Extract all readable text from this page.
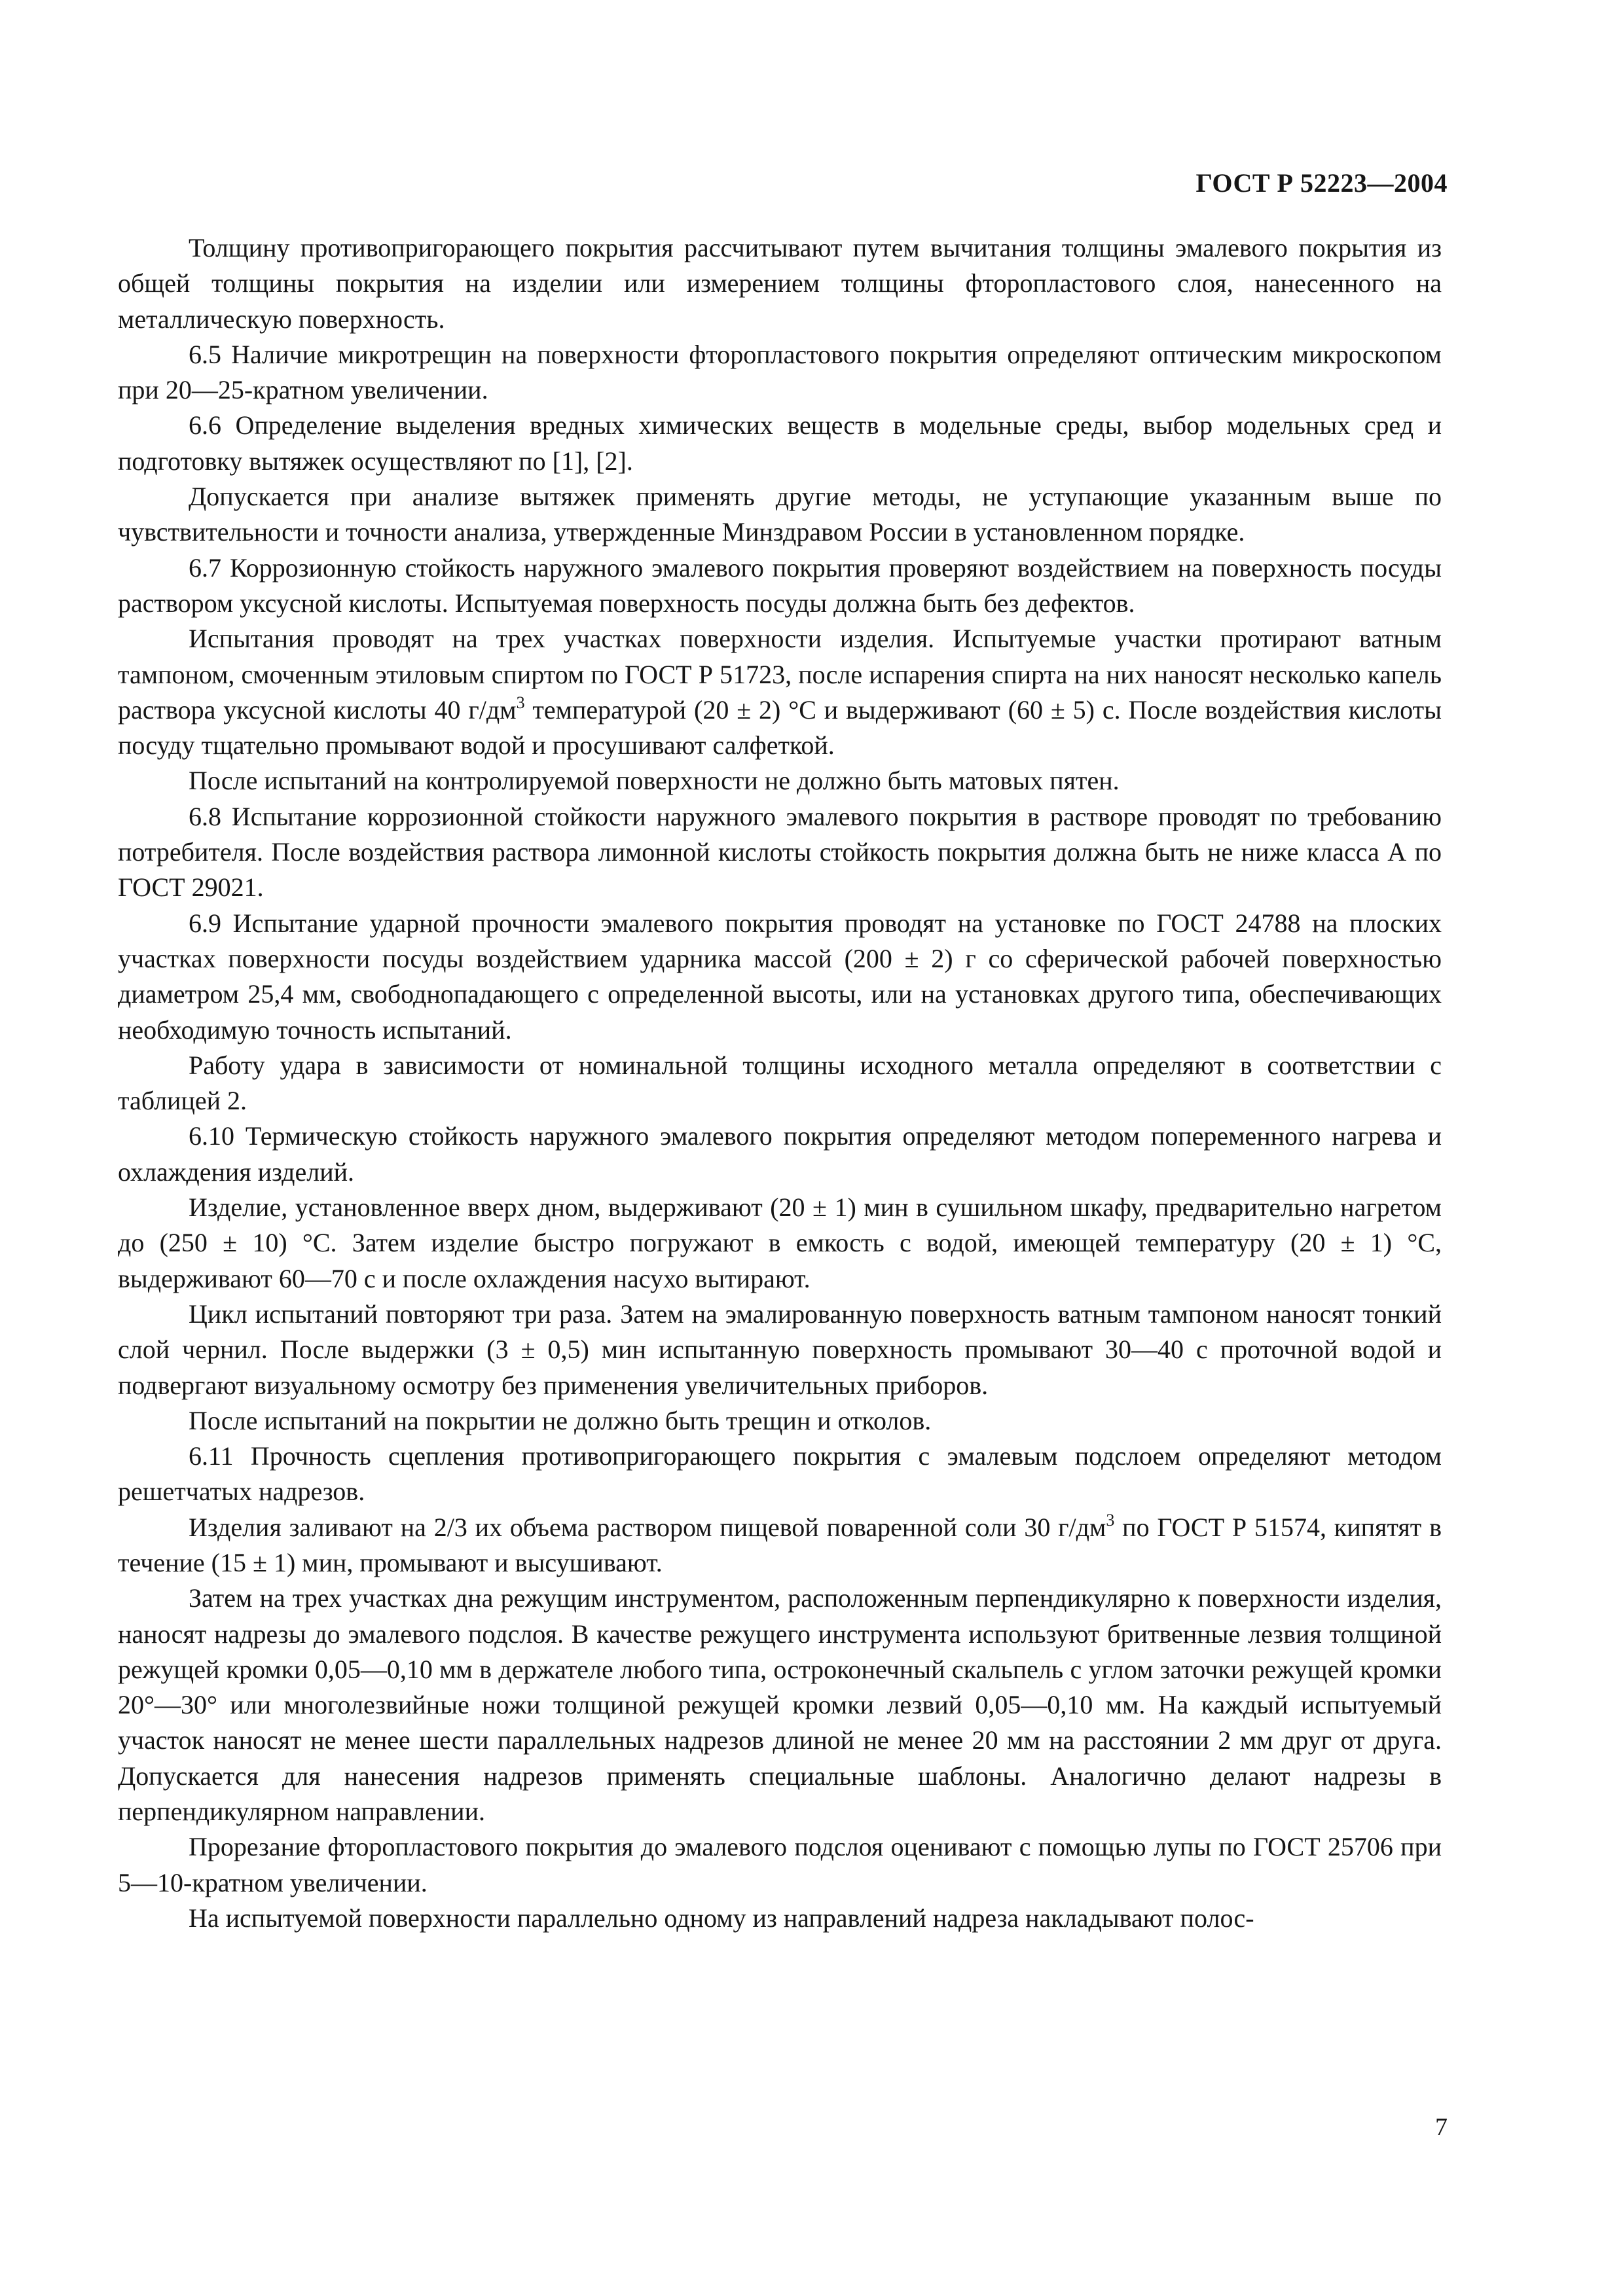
ГОСТ Р 52223—2004

Толщину противопригорающего покрытия рассчитывают путем вычитания толщины эмалевого покрытия из общей толщины покрытия на изделии или измерением толщины фторопластового слоя, нанесенного на металлическую поверхность.

6.5 Наличие микротрещин на поверхности фторопластового покрытия определяют оптическим микроскопом при 20—25-кратном увеличении.

6.6 Определение выделения вредных химических веществ в модельные среды, выбор модельных сред и подготовку вытяжек осуществляют по [1], [2].

Допускается при анализе вытяжек применять другие методы, не уступающие указанным выше по чувствительности и точности анализа, утвержденные Минздравом России в установленном порядке.

6.7 Коррозионную стойкость наружного эмалевого покрытия проверяют воздействием на поверхность посуды раствором уксусной кислоты. Испытуемая поверхность посуды должна быть без дефектов.

Испытания проводят на трех участках поверхности изделия. Испытуемые участки протирают ватным тампоном, смоченным этиловым спиртом по ГОСТ Р 51723, после испарения спирта на них наносят несколько капель раствора уксусной кислоты 40 $г/дм^3$ температурой (20 ± 2) °С и выдерживают (60 ± 5) с. После воздействия кислоты посуду тщательно промывают водой и просушивают салфеткой.

После испытаний на контролируемой поверхности не должно быть матовых пятен.

6.8 Испытание коррозионной стойкости наружного эмалевого покрытия в растворе проводят по требованию потребителя. После воздействия раствора лимонной кислоты стойкость покрытия должна быть не ниже класса А по ГОСТ 29021.

6.9 Испытание ударной прочности эмалевого покрытия проводят на установке по ГОСТ 24788 на плоских участках поверхности посуды воздействием ударника массой (200 ± 2) г со сферической рабочей поверхностью диаметром 25,4 мм, свободнопадающего с определенной высоты, или на установках другого типа, обеспечивающих необходимую точность испытаний.

Работу удара в зависимости от номинальной толщины исходного металла определяют в соответствии с таблицей 2.

6.10 Термическую стойкость наружного эмалевого покрытия определяют методом попеременного нагрева и охлаждения изделий.

Изделие, установленное вверх дном, выдерживают (20 ± 1) мин в сушильном шкафу, предварительно нагретом до (250 ± 10) °С. Затем изделие быстро погружают в емкость с водой, имеющей температуру (20 ± 1) °С, выдерживают 60—70 с и после охлаждения насухо вытирают.

Цикл испытаний повторяют три раза. Затем на эмалированную поверхность ватным тампоном наносят тонкий слой чернил. После выдержки (3 ± 0,5) мин испытанную поверхность промывают 30—40 с проточной водой и подвергают визуальному осмотру без применения увеличительных приборов.

После испытаний на покрытии не должно быть трещин и отколов.

6.11 Прочность сцепления противопригорающего покрытия с эмалевым подслоем определяют методом решетчатых надрезов.

Изделия заливают на 2/3 их объема раствором пищевой поваренной соли 30 $г/дм^3$ по ГОСТ Р 51574, кипятят в течение (15 ± 1) мин, промывают и высушивают.

Затем на трех участках дна режущим инструментом, расположенным перпендикулярно к поверхности изделия, наносят надрезы до эмалевого подслоя. В качестве режущего инструмента используют бритвенные лезвия толщиной режущей кромки 0,05—0,10 мм в держателе любого типа, остроконечный скальпель с углом заточки режущей кромки 20°—30° или многолезвийные ножи толщиной режущей кромки лезвий 0,05—0,10 мм. На каждый испытуемый участок наносят не менее шести параллельных надрезов длиной не менее 20 мм на расстоянии 2 мм друг от друга. Допускается для нанесения надрезов применять специальные шаблоны. Аналогично делают надрезы в перпендикулярном направлении.

Прорезание фторопластового покрытия до эмалевого подслоя оценивают с помощью лупы по ГОСТ 25706 при 5—10-кратном увеличении.

На испытуемой поверхности параллельно одному из направлений надреза накладывают полос-

7
